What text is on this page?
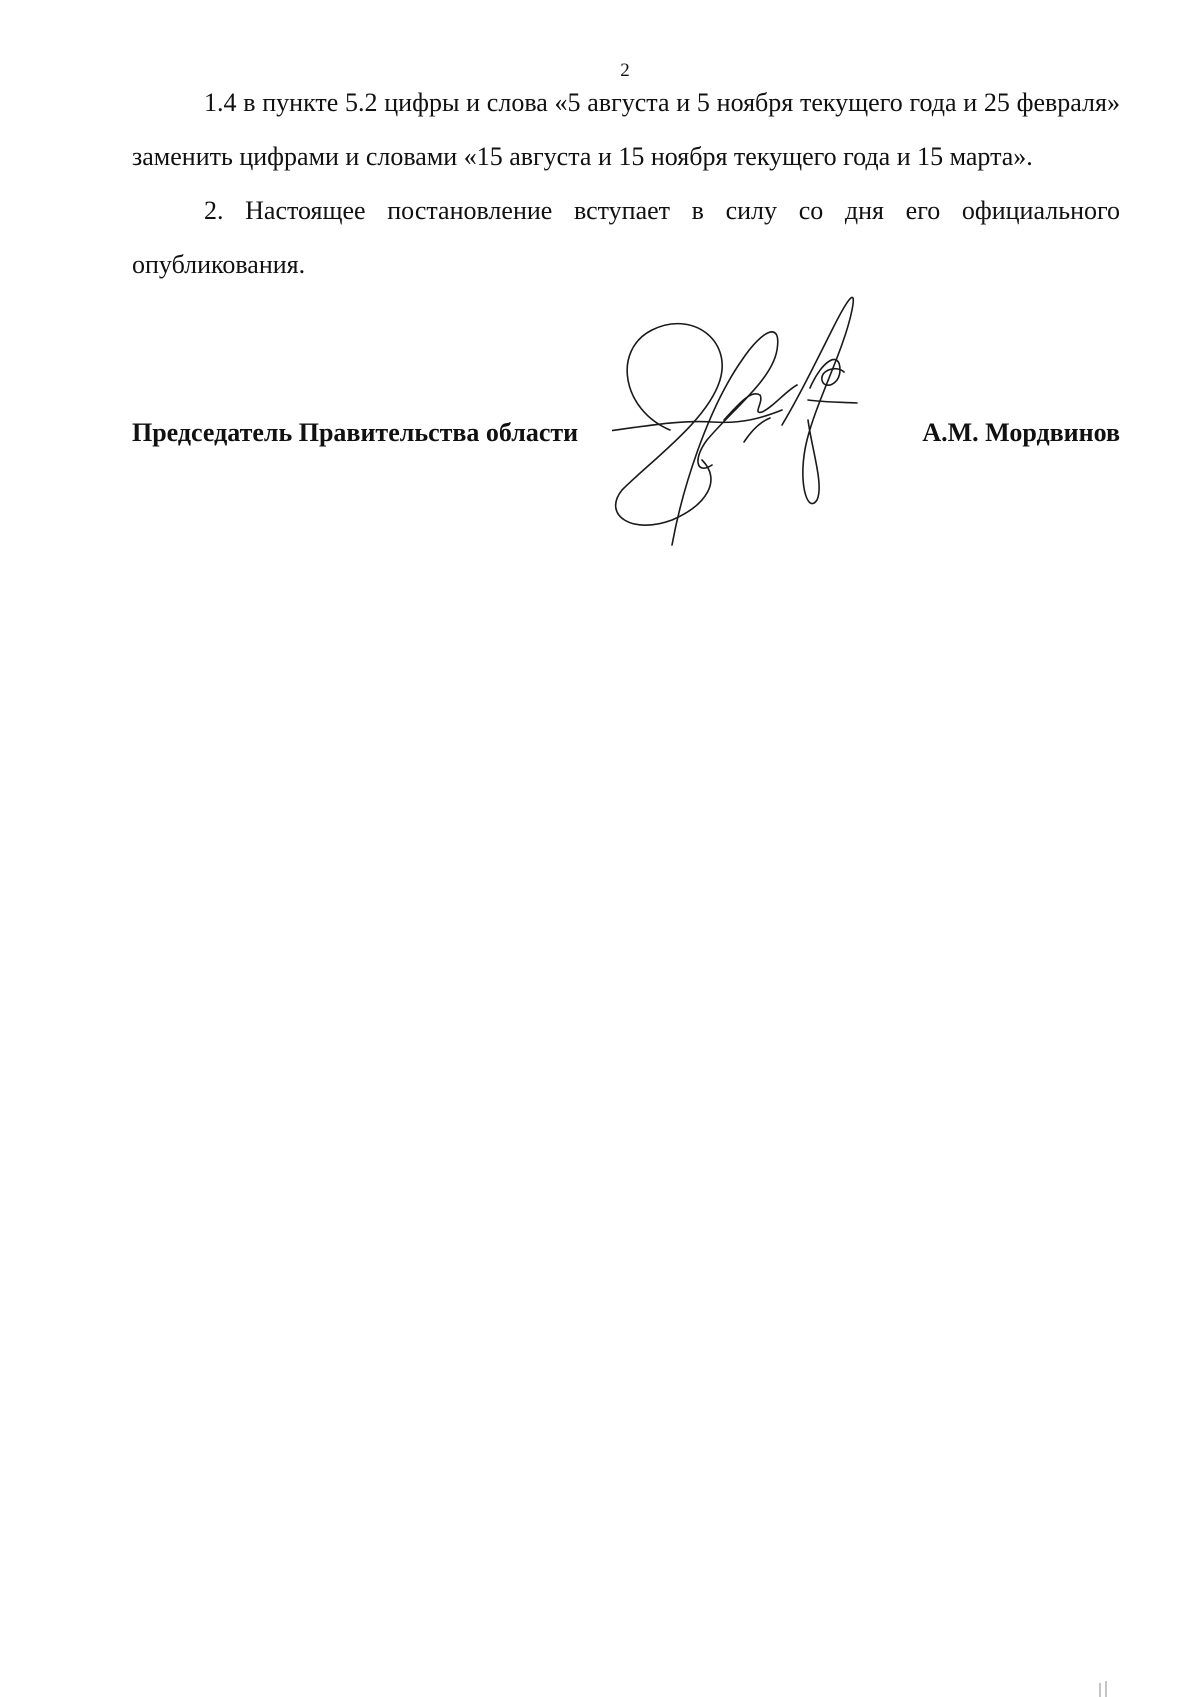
2

1.4 в пункте 5.2 цифры и слова «5 августа и 5 ноября текущего года и 25 февраля» заменить цифрами и словами «15 августа и 15 ноября текущего года и 15 марта».

2. Настоящее постановление вступает в силу со дня его официального опубликования.

Председатель Правительства области	А.М. Мордвинов
